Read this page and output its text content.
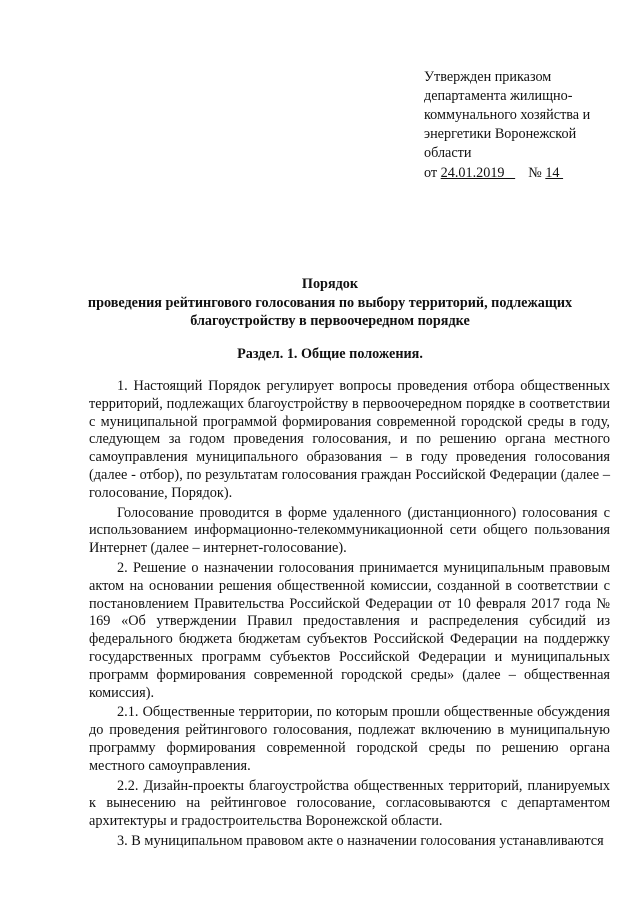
Утвержден приказом
департамента жилищно-
коммунального хозяйства и
энергетики Воронежской
области
от 24.01.2019 № 14
Порядок
проведения рейтингового голосования по выбору территорий, подлежащих
благоустройству в первоочередном порядке
Раздел. 1. Общие положения.

1. Настоящий Порядок регулирует вопросы проведения отбора общественных территорий, подлежащих благоустройству в первоочередном порядке в соответствии с муниципальной программой формирования современной городской среды в году, следующем за годом проведения голосования, и по решению органа местного самоуправления муниципального образования – в году проведения голосования (далее - отбор), по результатам голосования граждан Российской Федерации (далее – голосование, Порядок).

Голосование проводится в форме удаленного (дистанционного) голосования с использованием информационно-телекоммуникационной сети общего пользования Интернет (далее – интернет-голосование).

2. Решение о назначении голосования принимается муниципальным правовым актом на основании решения общественной комиссии, созданной в соответствии с постановлением Правительства Российской Федерации от 10 февраля 2017 года № 169 «Об утверждении Правил предоставления и распределения субсидий из федерального бюджета бюджетам субъектов Российской Федерации на поддержку государственных программ субъектов Российской Федерации и муниципальных программ формирования современной городской среды» (далее – общественная комиссия).

2.1. Общественные территории, по которым прошли общественные обсуждения до проведения рейтингового голосования, подлежат включению в муниципальную программу формирования современной городской среды по решению органа местного самоуправления.

2.2. Дизайн-проекты благоустройства общественных территорий, планируемых к вынесению на рейтинговое голосование, согласовываются с департаментом архитектуры и градостроительства Воронежской области.

3. В муниципальном правовом акте о назначении голосования устанавливаются
